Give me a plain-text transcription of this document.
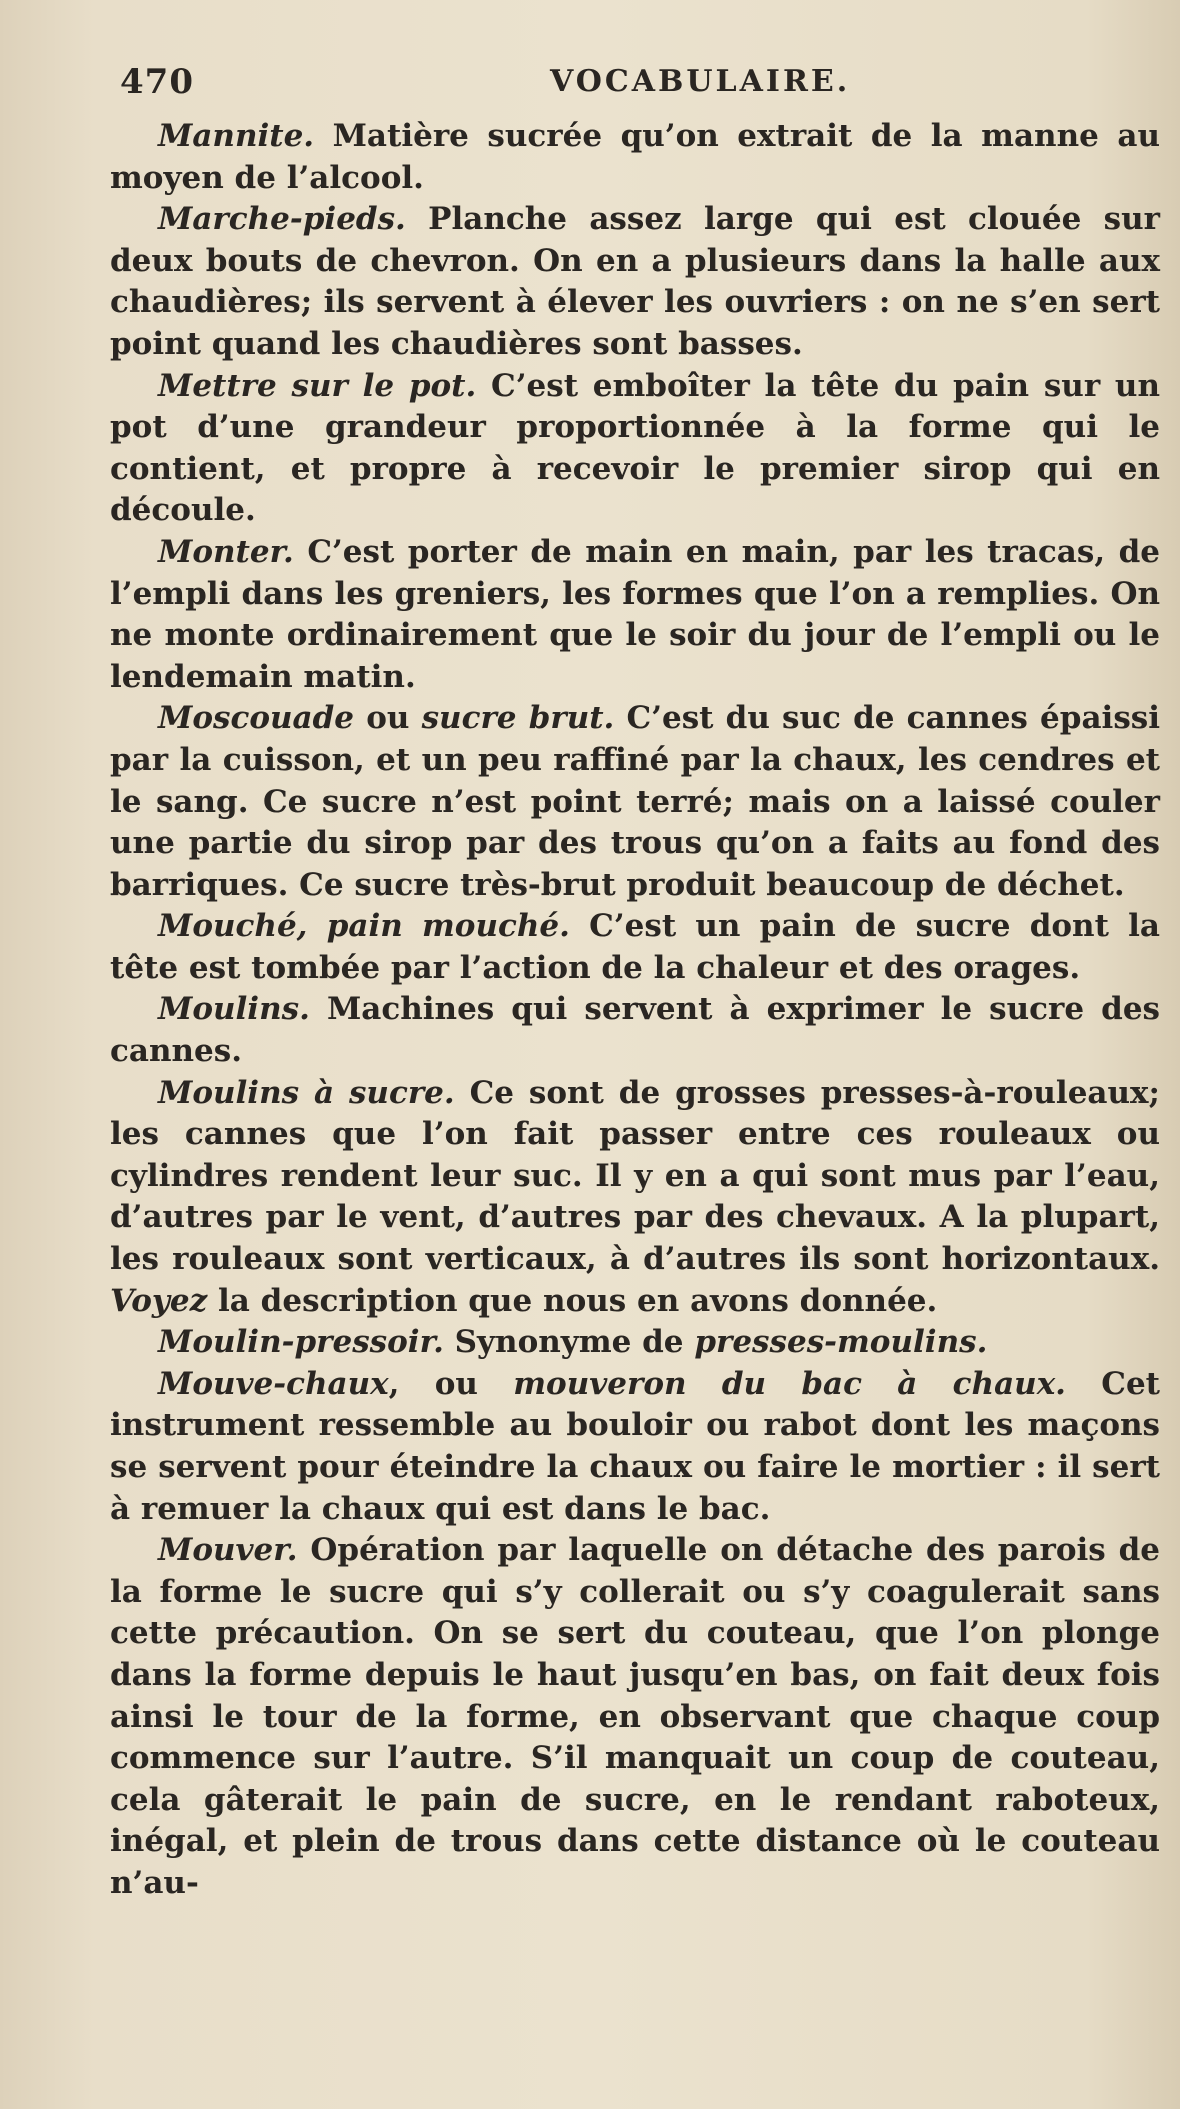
470	VOCABULAIRE.

Mannite. Matière sucrée qu’on extrait de la manne au moyen de l’alcool.

Marche-pieds. Planche assez large qui est clouée sur deux bouts de chevron. On en a plusieurs dans la halle aux chaudières; ils servent à élever les ouvriers : on ne s’en sert point quand les chaudières sont basses.

Mettre sur le pot. C’est emboîter la tête du pain sur un pot d’une grandeur proportionnée à la forme qui le contient, et propre à recevoir le premier sirop qui en découle.

Monter. C’est porter de main en main, par les tracas, de l’empli dans les greniers, les formes que l’on a remplies. On ne monte ordinairement que le soir du jour de l’empli ou le lendemain matin.

Moscouade ou sucre brut. C’est du suc de cannes épaissi par la cuisson, et un peu raffiné par la chaux, les cendres et le sang. Ce sucre n’est point terré; mais on a laissé couler une partie du sirop par des trous qu’on a faits au fond des barriques. Ce sucre très-brut produit beaucoup de déchet.

Mouché, pain mouché. C’est un pain de sucre dont la tête est tombée par l’action de la chaleur et des orages.

Moulins. Machines qui servent à exprimer le sucre des cannes.

Moulins à sucre. Ce sont de grosses presses-à-rouleaux; les cannes que l’on fait passer entre ces rouleaux ou cylindres rendent leur suc. Il y en a qui sont mus par l’eau, d’autres par le vent, d’autres par des chevaux. A la plupart, les rouleaux sont verticaux, à d’autres ils sont horizontaux. Voyez la description que nous en avons donnée.

Moulin-pressoir. Synonyme de presses-moulins.

Mouve-chaux, ou mouveron du bac à chaux. Cet instrument ressemble au bouloir ou rabot dont les maçons se servent pour éteindre la chaux ou faire le mortier : il sert à remuer la chaux qui est dans le bac.

Mouver. Opération par laquelle on détache des parois de la forme le sucre qui s’y collerait ou s’y coagulerait sans cette précaution. On se sert du couteau, que l’on plonge dans la forme depuis le haut jusqu’en bas, on fait deux fois ainsi le tour de la forme, en observant que chaque coup commence sur l’autre. S’il manquait un coup de couteau, cela gâterait le pain de sucre, en le rendant raboteux, inégal, et plein de trous dans cette distance où le couteau n’au-
